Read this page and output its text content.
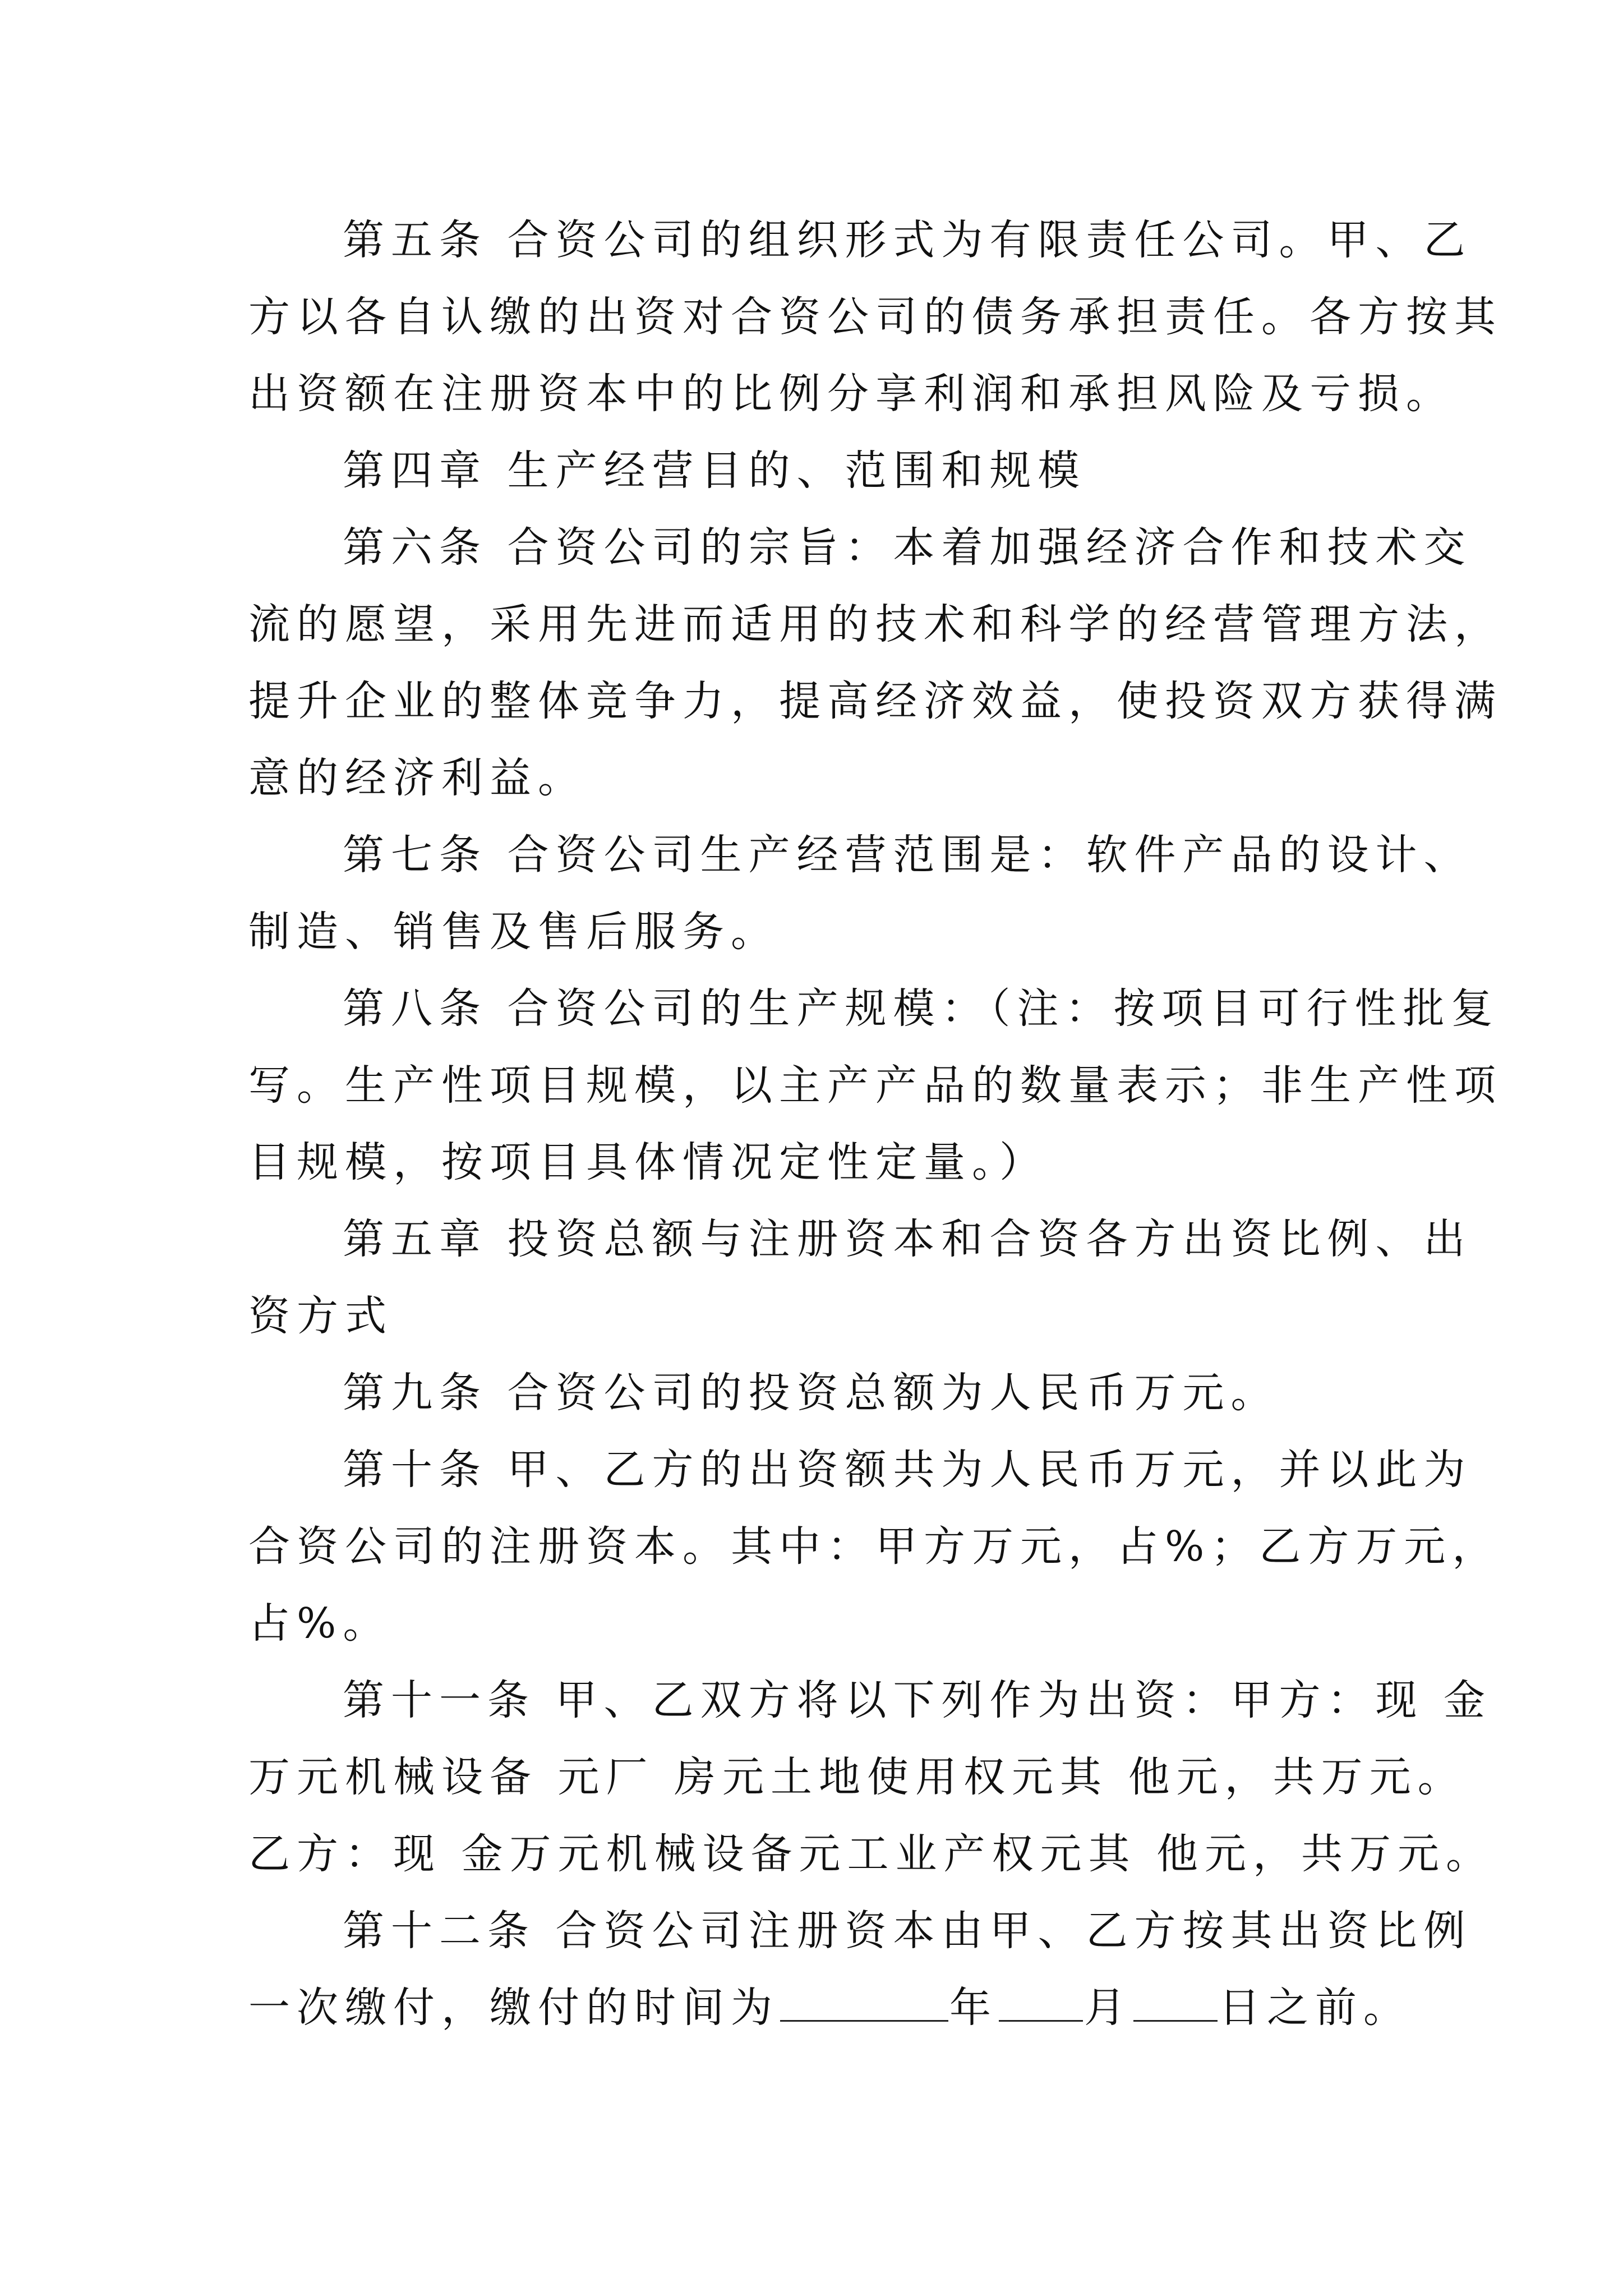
第五条 合资公司的组织形式为有限责任公司。甲、乙
方以各自认缴的出资对合资公司的债务承担责任。各方按其
出资额在注册资本中的比例分享利润和承担风险及亏损。
第四章 生产经营目的、范围和规模
第六条 合资公司的宗旨：本着加强经济合作和技术交
流的愿望，采用先进而适用的技术和科学的经营管理方法，
提升企业的整体竞争力，提高经济效益，使投资双方获得满
意的经济利益。
第七条 合资公司生产经营范围是：软件产品的设计、
制造、销售及售后服务。
第八条 合资公司的生产规模：（注：按项目可行性批复
写。生产性项目规模，以主产产品的数量表示；非生产性项
目规模，按项目具体情况定性定量。）
第五章 投资总额与注册资本和合资各方出资比例、出
资方式
第九条 合资公司的投资总额为人民币万元。
第十条 甲、乙方的出资额共为人民币万元，并以此为
合资公司的注册资本。其中：甲方万元，占%；乙方万元，
占%。
第十一条 甲、乙双方将以下列作为出资：甲方：现 金
万元机械设备 元厂 房元土地使用权元其 他元，共万元。
乙方：现 金万元机械设备元工业产权元其 他元，共万元。
第十二条 合资公司注册资本由甲、乙方按其出资比例
一次缴付，缴付的时间为	年 月 日之前。
